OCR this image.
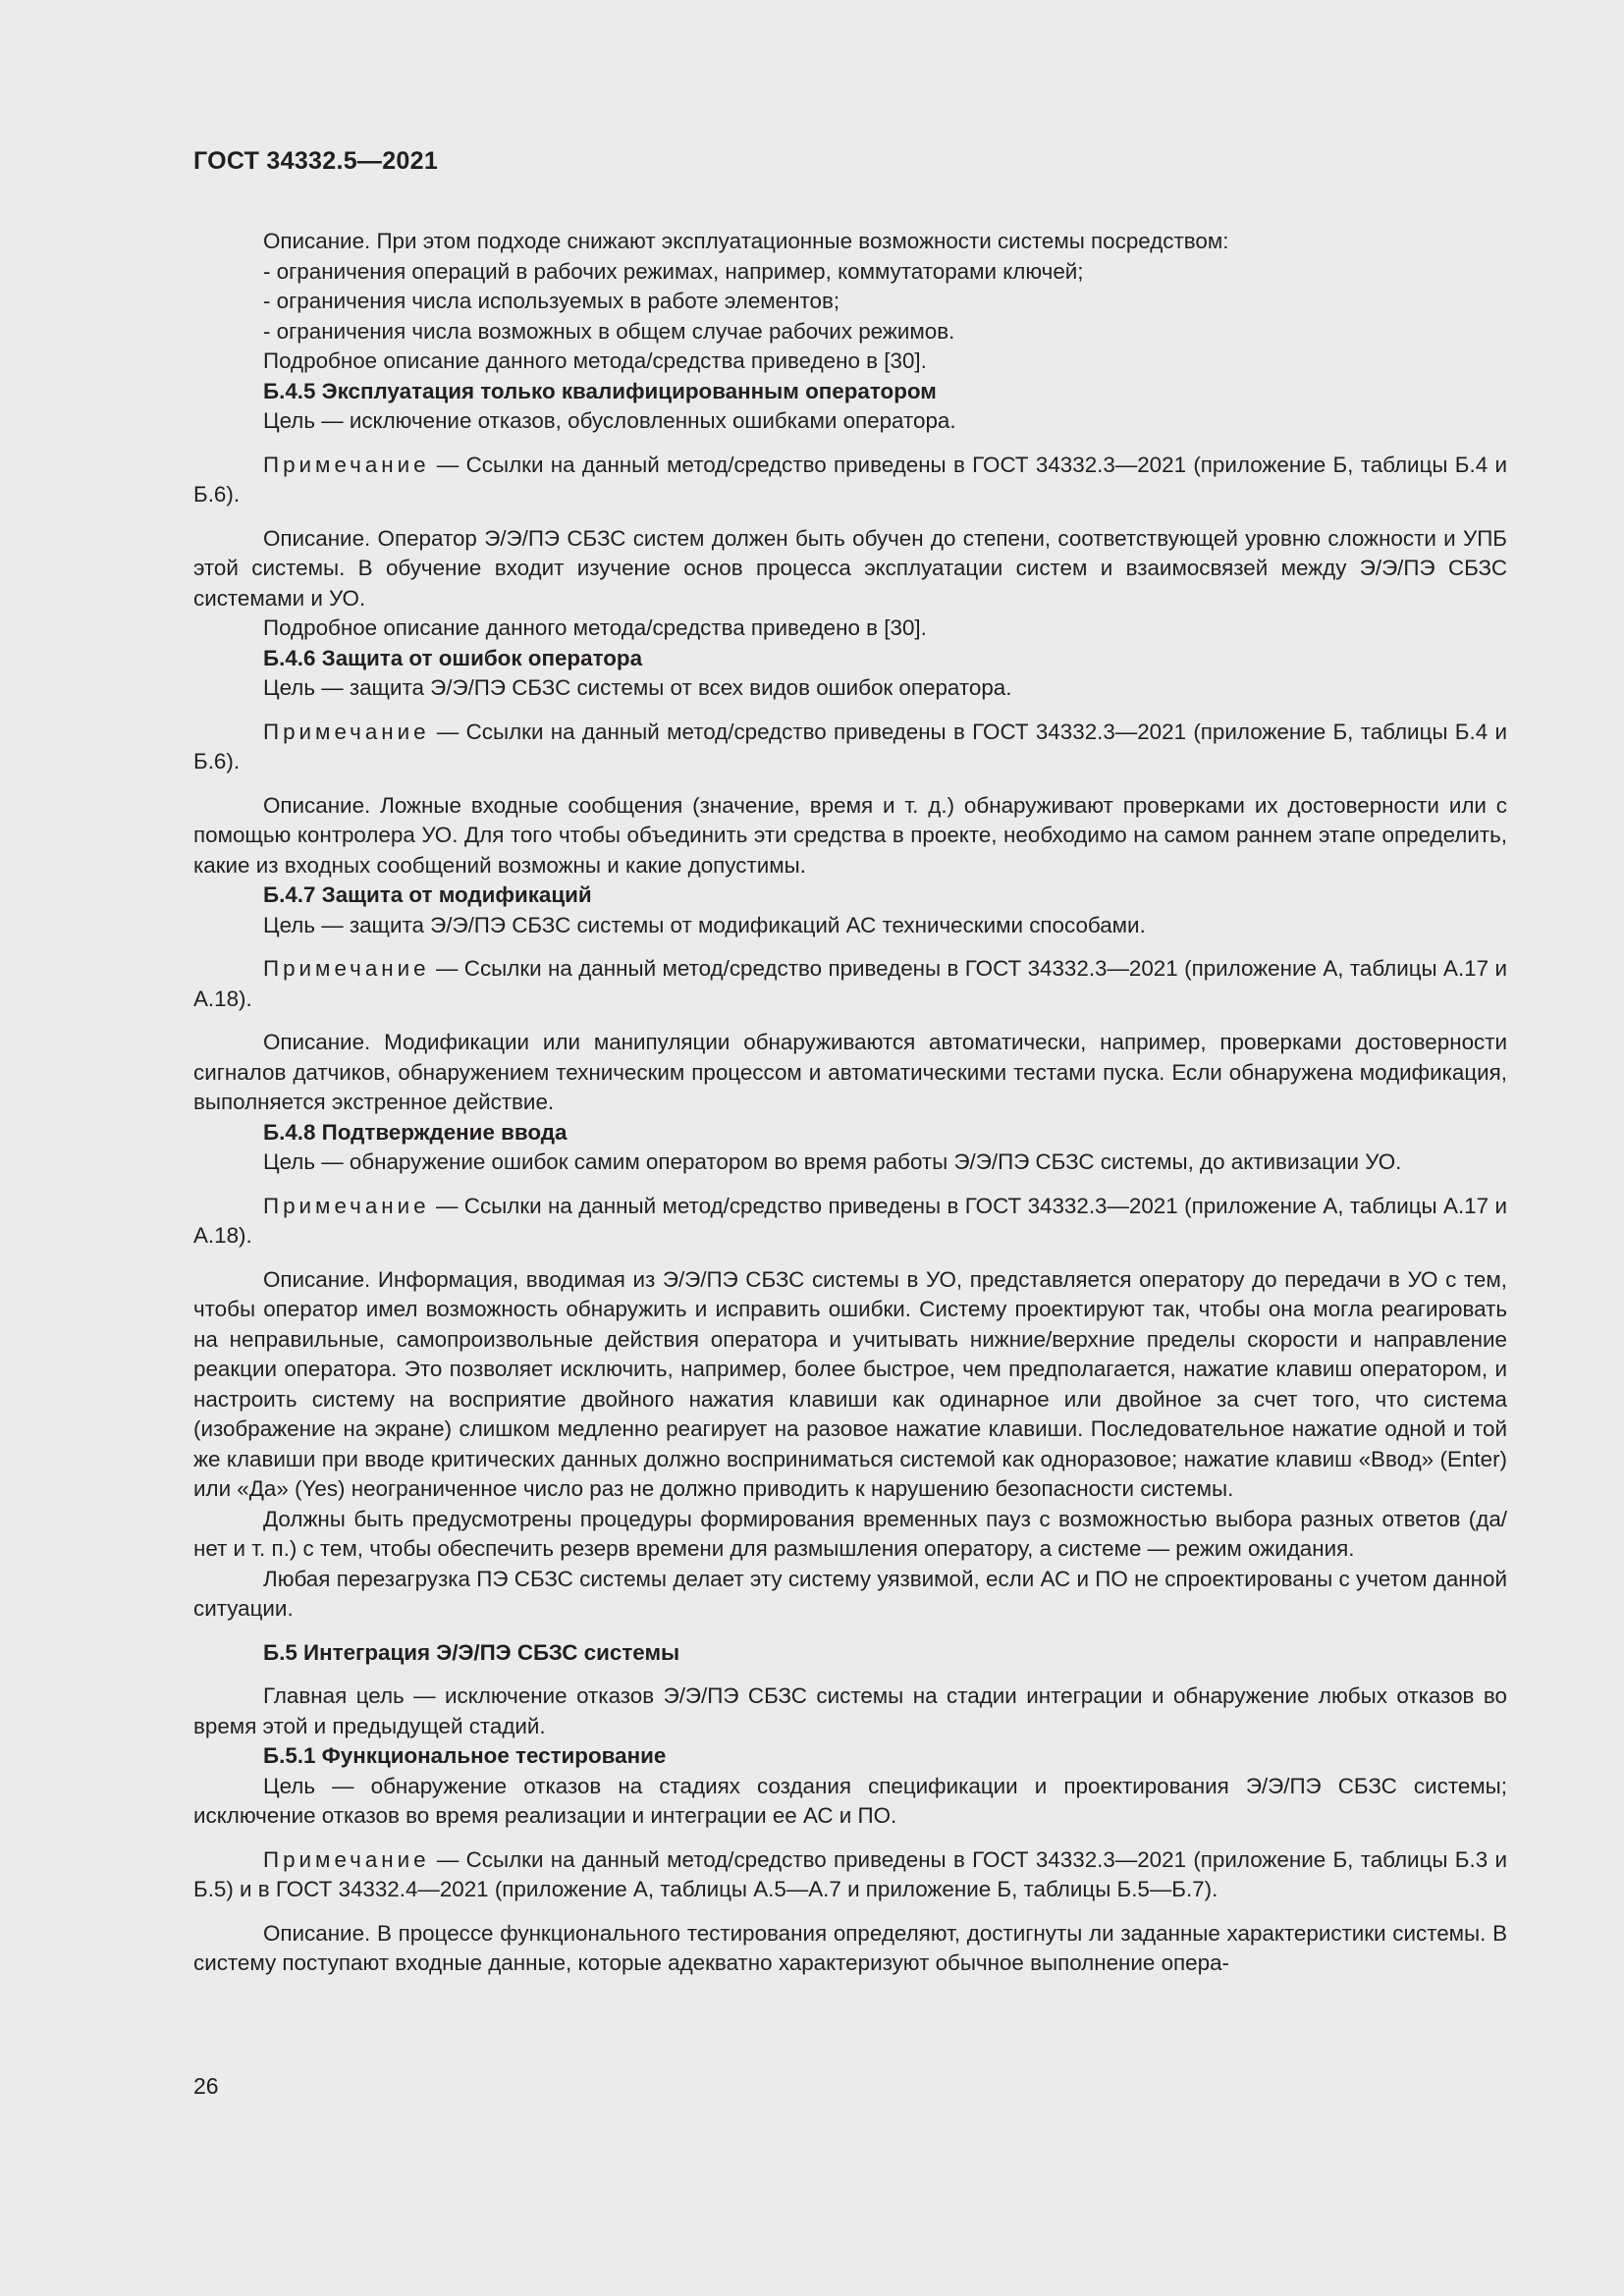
ГОСТ 34332.5—2021

Описание. При этом подходе снижают эксплуатационные возможности системы посредством:

- ограничения операций в рабочих режимах, например, коммутаторами ключей;

- ограничения числа используемых в работе элементов;

- ограничения числа возможных в общем случае рабочих режимов.

Подробное описание данного метода/средства приведено в [30].

Б.4.5 Эксплуатация только квалифицированным оператором

Цель — исключение отказов, обусловленных ошибками оператора.

Примечание — Ссылки на данный метод/средство приведены в ГОСТ 34332.3—2021 (приложение Б, таблицы Б.4 и Б.6).

Описание. Оператор Э/Э/ПЭ СБЗС систем должен быть обучен до степени, соответствующей уровню сложности и УПБ этой системы. В обучение входит изучение основ процесса эксплуатации систем и взаимосвязей между Э/Э/ПЭ СБЗС системами и УО.

Подробное описание данного метода/средства приведено в [30].

Б.4.6 Защита от ошибок оператора

Цель — защита Э/Э/ПЭ СБЗС системы от всех видов ошибок оператора.

Примечание — Ссылки на данный метод/средство приведены в ГОСТ 34332.3—2021 (приложение Б, таблицы Б.4 и Б.6).

Описание. Ложные входные сообщения (значение, время и т. д.) обнаруживают проверками их достоверности или с помощью контролера УО. Для того чтобы объединить эти средства в проекте, необходимо на самом раннем этапе определить, какие из входных сообщений возможны и какие допустимы.

Б.4.7 Защита от модификаций

Цель — защита Э/Э/ПЭ СБЗС системы от модификаций АС техническими способами.

Примечание — Ссылки на данный метод/средство приведены в ГОСТ 34332.3—2021 (приложение А, таблицы А.17 и А.18).

Описание. Модификации или манипуляции обнаруживаются автоматически, например, проверками достоверности сигналов датчиков, обнаружением техническим процессом и автоматическими тестами пуска. Если обнаружена модификация, выполняется экстренное действие.

Б.4.8 Подтверждение ввода

Цель — обнаружение ошибок самим оператором во время работы Э/Э/ПЭ СБЗС системы, до активизации УО.

Примечание — Ссылки на данный метод/средство приведены в ГОСТ 34332.3—2021 (приложение А, таблицы А.17 и А.18).

Описание. Информация, вводимая из Э/Э/ПЭ СБЗС системы в УО, представляется оператору до передачи в УО с тем, чтобы оператор имел возможность обнаружить и исправить ошибки. Систему проектируют так, чтобы она могла реагировать на неправильные, самопроизвольные действия оператора и учитывать нижние/верхние пределы скорости и направление реакции оператора. Это позволяет исключить, например, более быстрое, чем предполагается, нажатие клавиш оператором, и настроить систему на восприятие двойного нажатия клавиши как одинарное или двойное за счет того, что система (изображение на экране) слишком медленно реагирует на разовое нажатие клавиши. Последовательное нажатие одной и той же клавиши при вводе критических данных должно восприниматься системой как одноразовое; нажатие клавиш «Ввод» (Enter) или «Да» (Yes) неограниченное число раз не должно приводить к нарушению безопасности системы.

Должны быть предусмотрены процедуры формирования временных пауз с возможностью выбора разных ответов (да/нет и т. п.) с тем, чтобы обеспечить резерв времени для размышления оператору, а системе — режим ожидания.

Любая перезагрузка ПЭ СБЗС системы делает эту систему уязвимой, если АС и ПО не спроектированы с учетом данной ситуации.

Б.5 Интеграция Э/Э/ПЭ СБЗС системы

Главная цель — исключение отказов Э/Э/ПЭ СБЗС системы на стадии интеграции и обнаружение любых отказов во время этой и предыдущей стадий.

Б.5.1 Функциональное тестирование

Цель — обнаружение отказов на стадиях создания спецификации и проектирования Э/Э/ПЭ СБЗС системы; исключение отказов во время реализации и интеграции ее АС и ПО.

Примечание — Ссылки на данный метод/средство приведены в ГОСТ 34332.3—2021 (приложение Б, таблицы Б.3 и Б.5) и в ГОСТ 34332.4—2021 (приложение А, таблицы А.5—А.7 и приложение Б, таблицы Б.5—Б.7).

Описание. В процессе функционального тестирования определяют, достигнуты ли заданные характеристики системы. В систему поступают входные данные, которые адекватно характеризуют обычное выполнение опера-

26
